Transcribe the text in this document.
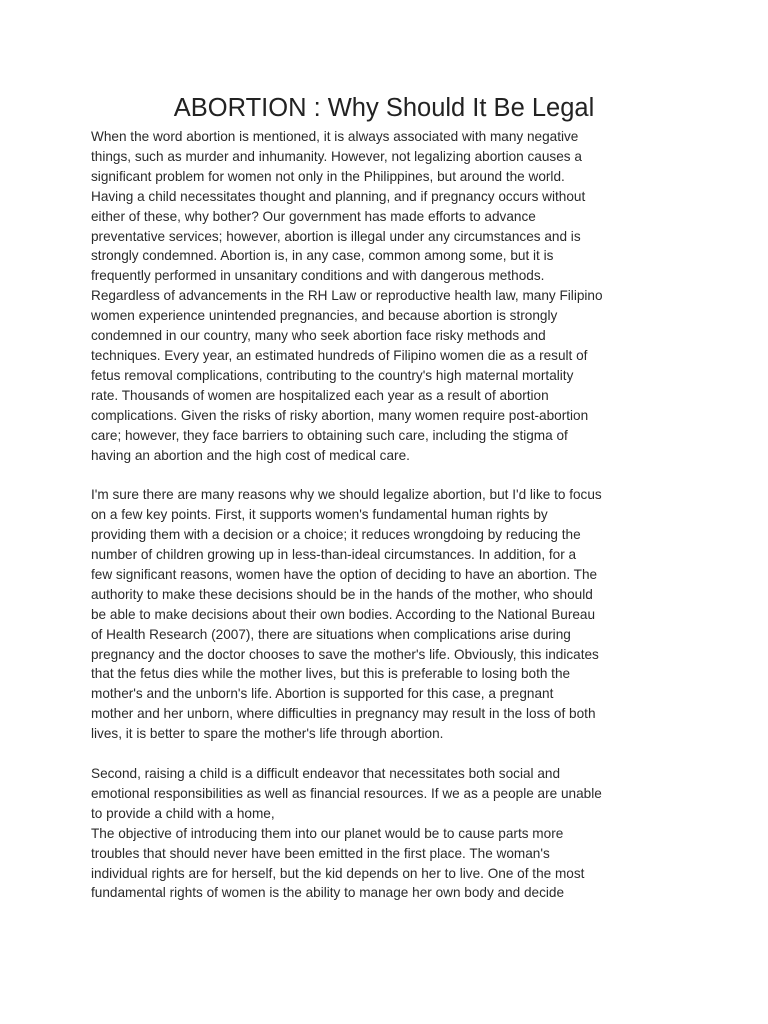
ABORTION : Why Should It Be Legal

When the word abortion is mentioned, it is always associated with many negative
things, such as murder and inhumanity. However, not legalizing abortion causes a
significant problem for women not only in the Philippines, but around the world.
Having a child necessitates thought and planning, and if pregnancy occurs without
either of these, why bother? Our government has made efforts to advance
preventative services; however, abortion is illegal under any circumstances and is
strongly condemned. Abortion is, in any case, common among some, but it is
frequently performed in unsanitary conditions and with dangerous methods.
Regardless of advancements in the RH Law or reproductive health law, many Filipino
women experience unintended pregnancies, and because abortion is strongly
condemned in our country, many who seek abortion face risky methods and
techniques. Every year, an estimated hundreds of Filipino women die as a result of
fetus removal complications, contributing to the country's high maternal mortality
rate. Thousands of women are hospitalized each year as a result of abortion
complications. Given the risks of risky abortion, many women require post-abortion
care; however, they face barriers to obtaining such care, including the stigma of
having an abortion and the high cost of medical care.

I'm sure there are many reasons why we should legalize abortion, but I'd like to focus
on a few key points. First, it supports women's fundamental human rights by
providing them with a decision or a choice; it reduces wrongdoing by reducing the
number of children growing up in less-than-ideal circumstances. In addition, for a
few significant reasons, women have the option of deciding to have an abortion. The
authority to make these decisions should be in the hands of the mother, who should
be able to make decisions about their own bodies. According to the National Bureau
of Health Research (2007), there are situations when complications arise during
pregnancy and the doctor chooses to save the mother's life. Obviously, this indicates
that the fetus dies while the mother lives, but this is preferable to losing both the
mother's and the unborn's life. Abortion is supported for this case, a pregnant
mother and her unborn, where difficulties in pregnancy may result in the loss of both
lives, it is better to spare the mother's life through abortion.

Second, raising a child is a difficult endeavor that necessitates both social and
emotional responsibilities as well as financial resources. If we as a people are unable
to provide a child with a home,
The objective of introducing them into our planet would be to cause parts more
troubles that should never have been emitted in the first place. The woman's
individual rights are for herself, but the kid depends on her to live. One of the most
fundamental rights of women is the ability to manage her own body and decide
